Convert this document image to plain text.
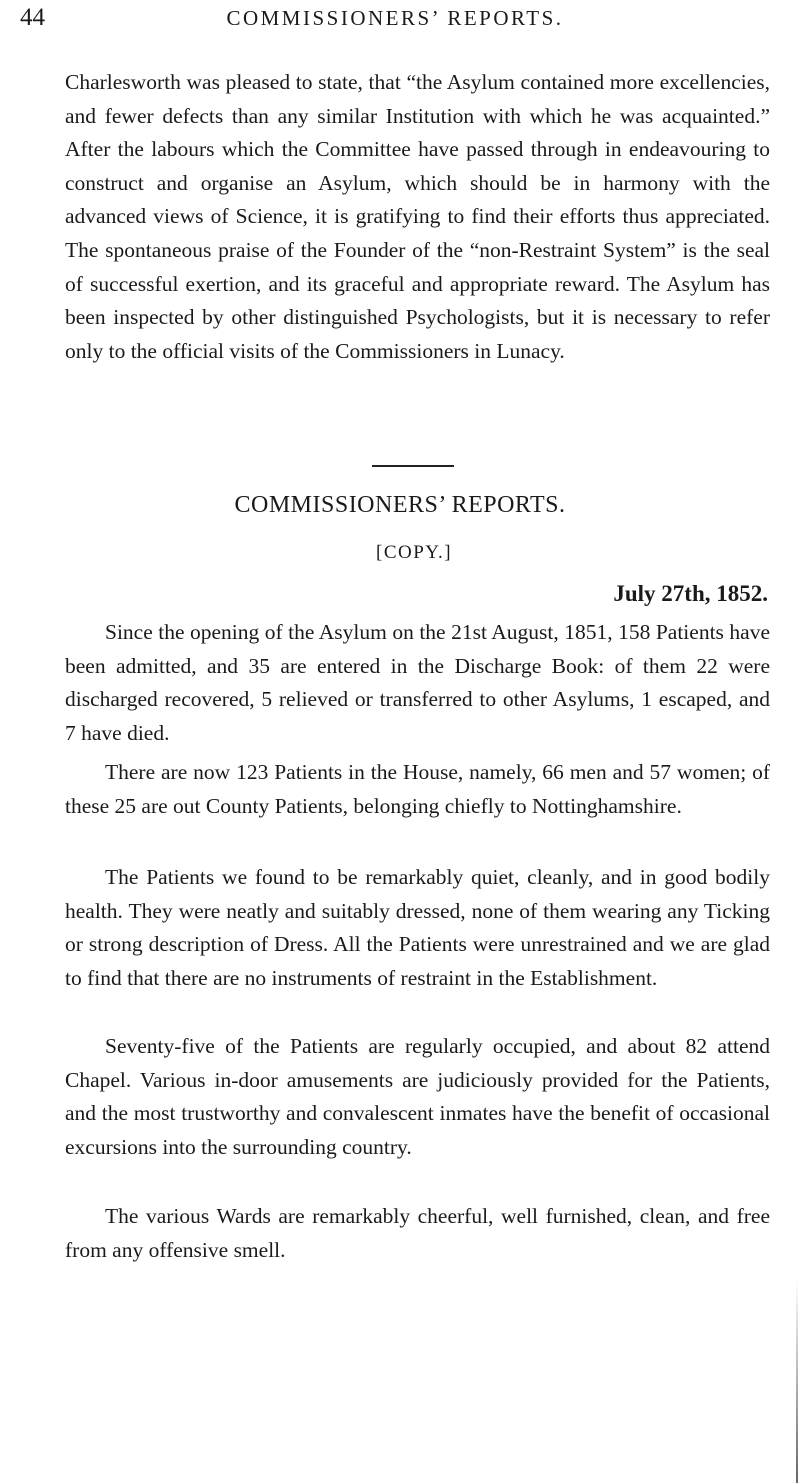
44	COMMISSIONERS’ REPORTS.

Charlesworth was pleased to state, that “the Asylum contained more excellencies, and fewer defects than any similar Institution with which he was acquainted.” After the labours which the Committee have passed through in endeavouring to construct and organise an Asylum, which should be in harmony with the advanced views of Science, it is gratifying to find their efforts thus appreciated. The spontaneous praise of the Founder of the “non-Restraint System” is the seal of successful exertion, and its graceful and appropriate reward. The Asylum has been inspected by other distinguished Psychologists, but it is necessary to refer only to the official visits of the Commissioners in Lunacy.

COMMISSIONERS’ REPORTS.
[COPY.]
July 27th, 1852.

Since the opening of the Asylum on the 21st August, 1851, 158 Patients have been admitted, and 35 are entered in the Discharge Book: of them 22 were discharged recovered, 5 relieved or transferred to other Asylums, 1 escaped, and 7 have died.

There are now 123 Patients in the House, namely, 66 men and 57 women; of these 25 are out County Patients, belonging chiefly to Nottinghamshire.

The Patients we found to be remarkably quiet, cleanly, and in good bodily health. They were neatly and suitably dressed, none of them wearing any Ticking or strong description of Dress. All the Patients were unrestrained and we are glad to find that there are no instruments of restraint in the Establishment.

Seventy-five of the Patients are regularly occupied, and about 82 attend Chapel. Various in-door amusements are judiciously provided for the Patients, and the most trustworthy and convalescent inmates have the benefit of occasional excursions into the surrounding country.

The various Wards are remarkably cheerful, well furnished, clean, and free from any offensive smell.
